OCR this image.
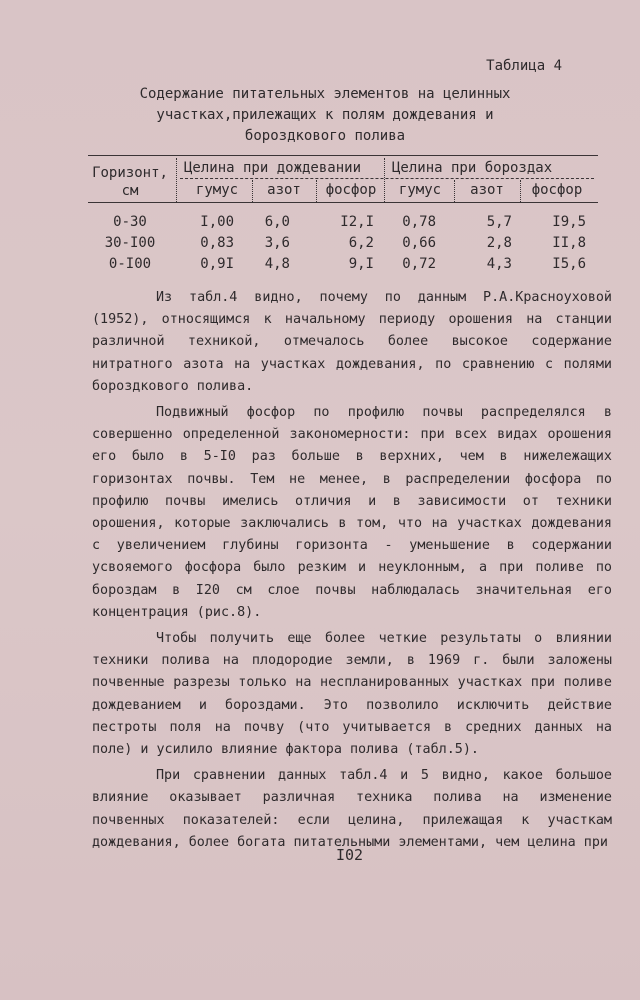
Таблица 4
Содержание питательных элементов на целинных участках,прилежащих к полям дождевания и бороздкового полива
Горизонт, см
Целина при дождевании Целина при бороздах
гумус	азот	фосфор	гумус	азот	фосфор
0-30	I,00	6,0	I2,I	0,78	5,7	I9,5
30-I00	0,83	3,6	6,2	0,66	2,8	II,8
0-I00	0,9I	4,8	9,I	0,72	4,3	I5,6

Из табл.4 видно, почему по данным Р.А.Красноуховой (1952), относящимся к начальному периоду орошения на станции различной техникой, отмечалось более высокое содержание нитратного азота на участках дождевания, по сравнению с полями бороздкового полива.

Подвижный фосфор по профилю почвы распределялся в совершенно определенной закономерности: при всех видах орошения его было в 5-I0 раз больше в верхних, чем в нижележащих горизонтах почвы. Тем не менее, в распределении фосфора по профилю почвы имелись отличия и в зависимости от техники орошения, которые заключались в том, что на участках дождевания с увеличением глубины горизонта - уменьшение в содержании усвояемого фосфора было резким и неуклонным, а при поливе по бороздам в I20 см слое почвы наблюдалась значительная его концентрация (рис.8).

Чтобы получить еще более четкие результаты о влиянии техники полива на плодородие земли, в 1969 г. были заложены почвенные разрезы только на неспланированных участках при поливе дождеванием и бороздами. Это позволило исключить действие пестроты поля на почву (что учитывается в средних данных на поле) и усилило влияние фактора полива (табл.5).

При сравнении данных табл.4 и 5 видно, какое большое влияние оказывает различная техника полива на изменение почвенных показателей: если целина, прилежащая к участкам дождевания, более богата питательными элементами, чем целина при

I02
